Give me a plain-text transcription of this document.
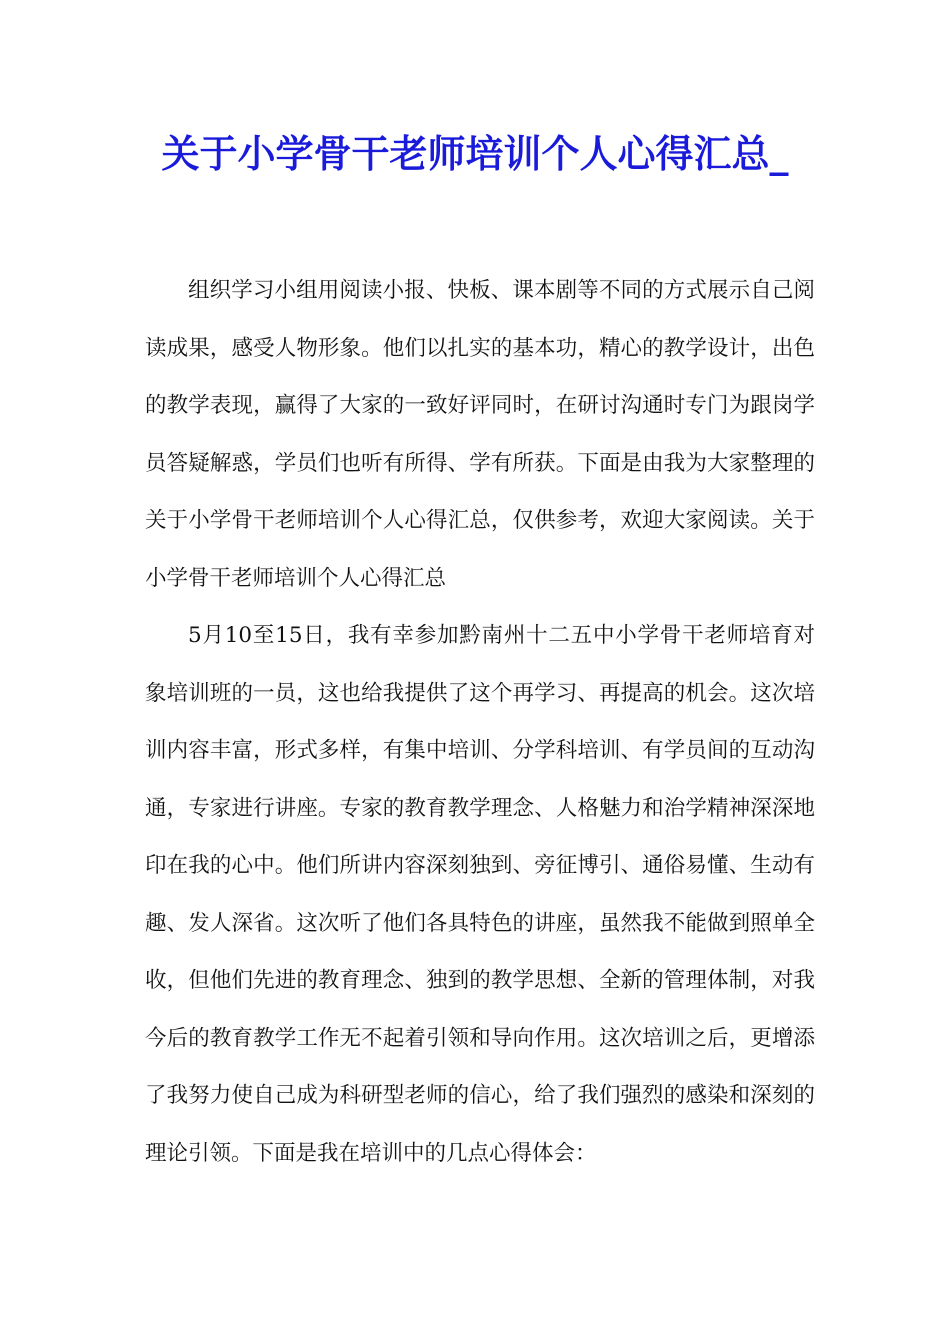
关于小学骨干老师培训个人心得汇总_

组织学习小组用阅读小报、快板、课本剧等不同的方式展示自己阅读成果，感受人物形象。他们以扎实的基本功，精心的教学设计，出色的教学表现，赢得了大家的一致好评同时，在研讨沟通时专门为跟岗学员答疑解惑，学员们也听有所得、学有所获。下面是由我为大家整理的关于小学骨干老师培训个人心得汇总，仅供参考，欢迎大家阅读。关于小学骨干老师培训个人心得汇总

5月10至15日，我有幸参加黔南州十二五中小学骨干老师培育对象培训班的一员，这也给我提供了这个再学习、再提高的机会。这次培训内容丰富，形式多样，有集中培训、分学科培训、有学员间的互动沟通，专家进行讲座。专家的教育教学理念、人格魅力和治学精神深深地印在我的心中。他们所讲内容深刻独到、旁征博引、通俗易懂、生动有趣、发人深省。这次听了他们各具特色的讲座，虽然我不能做到照单全收，但他们先进的教育理念、独到的教学思想、全新的管理体制，对我今后的教育教学工作无不起着引领和导向作用。这次培训之后，更增添了我努力使自己成为科研型老师的信心，给了我们强烈的感染和深刻的理论引领。下面是我在培训中的几点心得体会：
